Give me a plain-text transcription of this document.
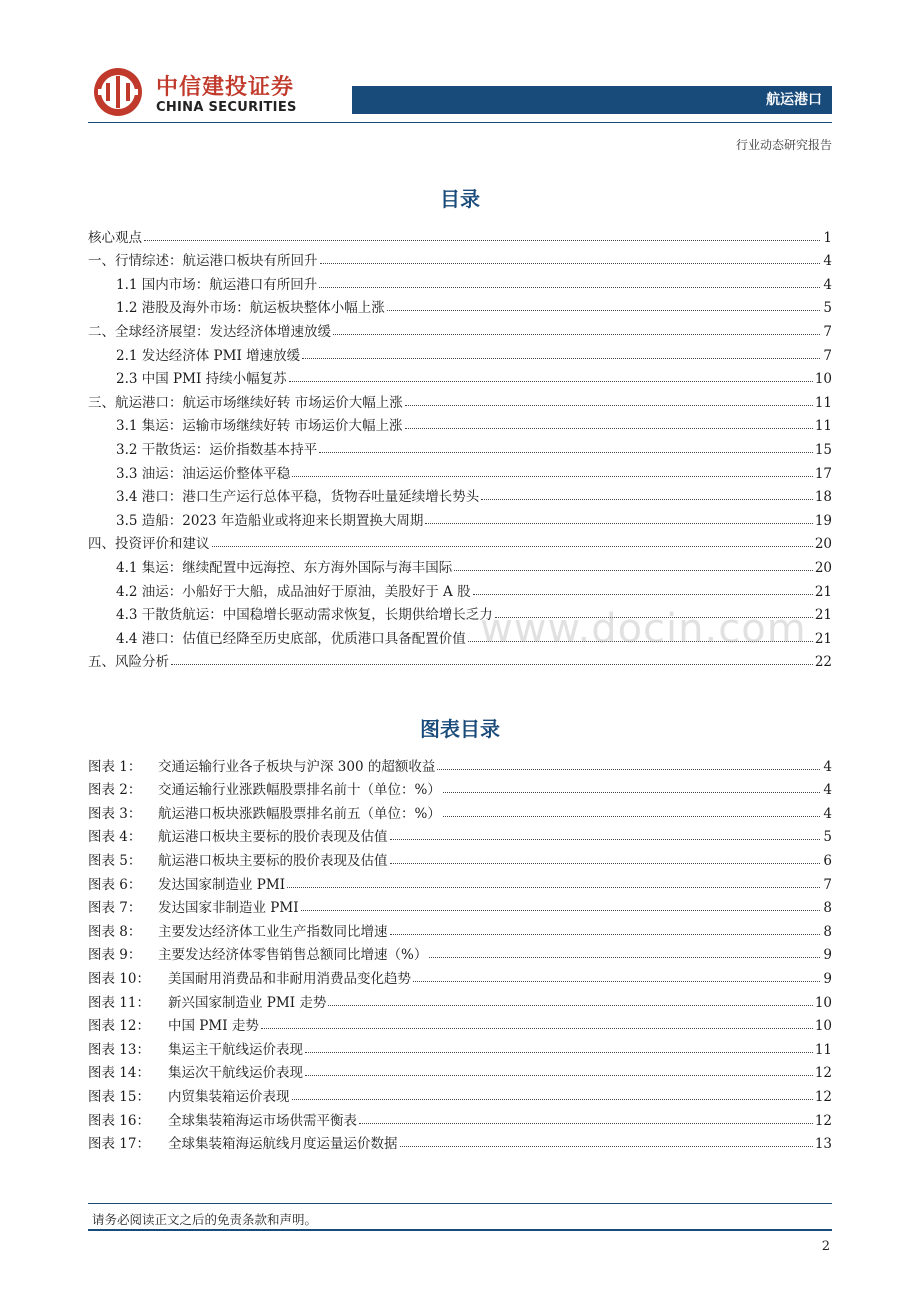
中信建投证券
CHINA SECURITIES	航运港口
行业动态研究报告
目录
核心观点	1
一、行情综述：航运港口板块有所回升	4
1.1 国内市场：航运港口有所回升	4
1.2 港股及海外市场：航运板块整体小幅上涨	5
二、全球经济展望：发达经济体增速放缓	7
2.1 发达经济体 PMI 增速放缓	7
2.3 中国 PMI 持续小幅复苏	10
三、航运港口：航运市场继续好转 市场运价大幅上涨	11
3.1 集运：运输市场继续好转 市场运价大幅上涨	11
3.2 干散货运：运价指数基本持平	15
3.3 油运：油运运价整体平稳	17
3.4 港口：港口生产运行总体平稳，货物吞吐量延续增长势头	18
3.5 造船：2023 年造船业或将迎来长期置换大周期	19
四、投资评价和建议	20
4.1 集运：继续配置中远海控、东方海外国际与海丰国际	20
4.2 油运：小船好于大船，成品油好于原油，美股好于 A 股	21
4.3 干散货航运：中国稳增长驱动需求恢复，长期供给增长乏力	21
4.4 港口：估值已经降至历史底部，优质港口具备配置价值	21
五、风险分析	22
图表目录
图表 1：	交通运输行业各子板块与沪深 300 的超额收益	4
图表 2：	交通运输行业涨跌幅股票排名前十（单位：%）	4
图表 3：	航运港口板块涨跌幅股票排名前五（单位：%）	4
图表 4：	航运港口板块主要标的股价表现及估值	5
图表 5：	航运港口板块主要标的股价表现及估值	6
图表 6：	发达国家制造业 PMI	7
图表 7：	发达国家非制造业 PMI	8
图表 8：	主要发达经济体工业生产指数同比增速	8
图表 9：	主要发达经济体零售销售总额同比增速（%）	9
图表 10：	美国耐用消费品和非耐用消费品变化趋势	9
图表 11：	新兴国家制造业 PMI 走势	10
图表 12：	中国 PMI 走势	10
图表 13：	集运主干航线运价表现	11
图表 14：	集运次干航线运价表现	12
图表 15：	内贸集装箱运价表现	12
图表 16：	全球集装箱海运市场供需平衡表	12
图表 17：	全球集装箱海运航线月度运量运价数据	13
www.docin.com
请务必阅读正文之后的免责条款和声明。
2
